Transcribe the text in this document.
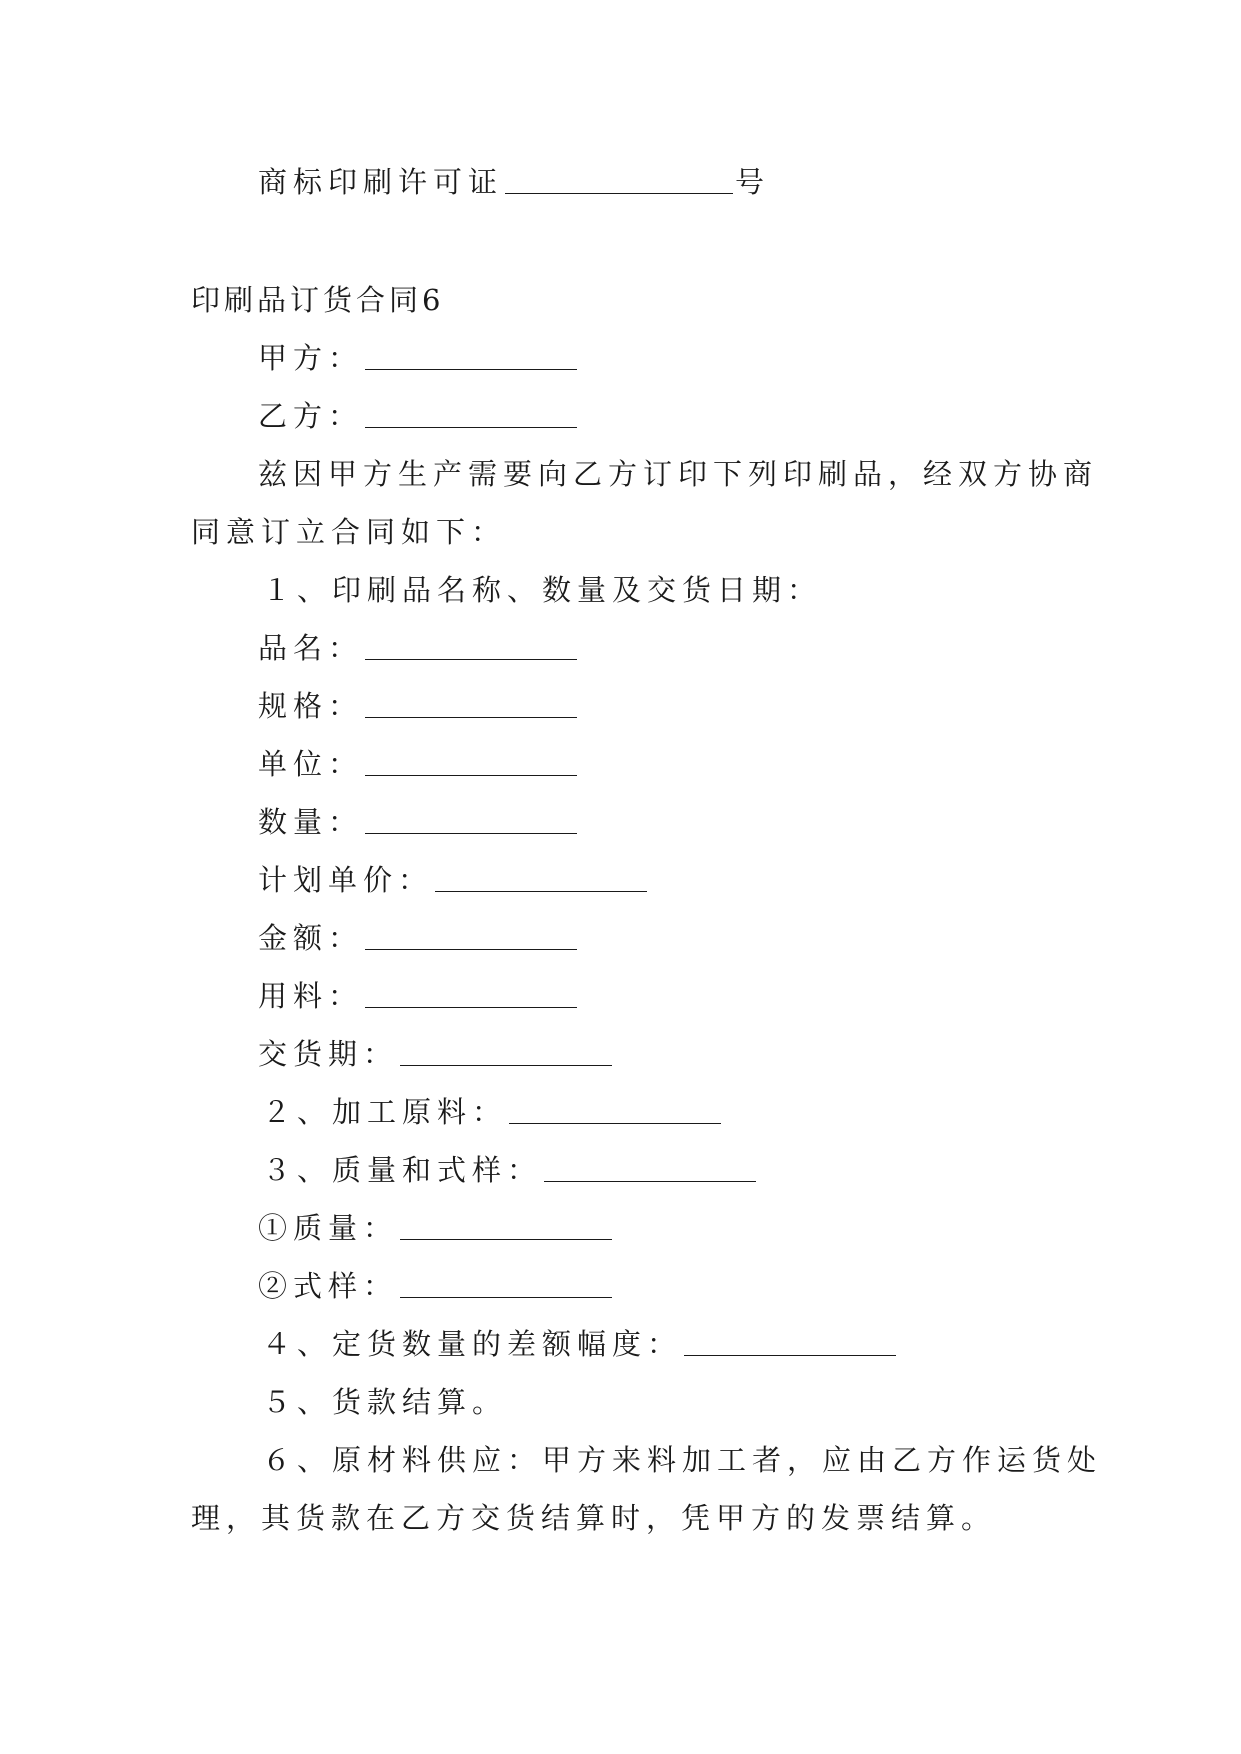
商标印刷许可证	号
印刷品订货合同6
甲方：
乙方：
兹因甲方生产需要向乙方订印下列印刷品，经双方协商
同意订立合同如下：
１、印刷品名称、数量及交货日期：
品名：
规格：
单位：
数量：
计划单价：
金额：
用料：
交货期：
２、加工原料：
３、质量和式样：
①质量：
②式样：
４、定货数量的差额幅度：
５、货款结算。
６、原材料供应：甲方来料加工者，应由乙方作运货处
理，其货款在乙方交货结算时，凭甲方的发票结算。
